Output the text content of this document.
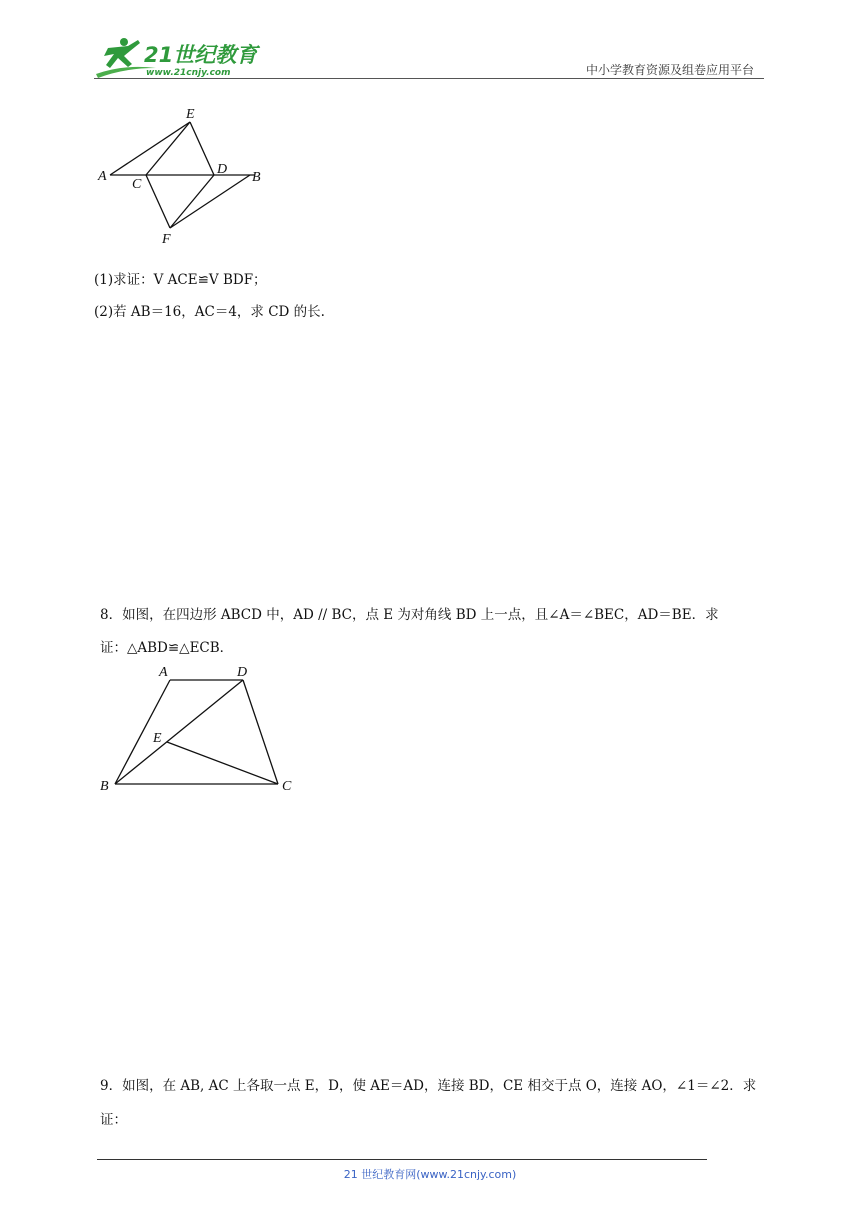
21世纪教育
www.21cnjy.com	中小学教育资源及组卷应用平台
E
A
C
D
B
F
(1)求证：V ACE≌V BDF；
(2)若 AB＝16，AC＝4，求 CD 的长.
8．如图，在四边形 ABCD 中，AD // BC，点 E 为对角线 BD 上一点，且∠A＝∠BEC，AD＝BE．求
证：△ABD≌△ECB．
A	D
E
B	C
9．如图，在 AB, AC 上各取一点 E，D，使 AE＝AD，连接 BD，CE 相交于点 O，连接 AO，∠1＝∠2．求
证：
21 世纪教育网(www.21cnjy.com)
